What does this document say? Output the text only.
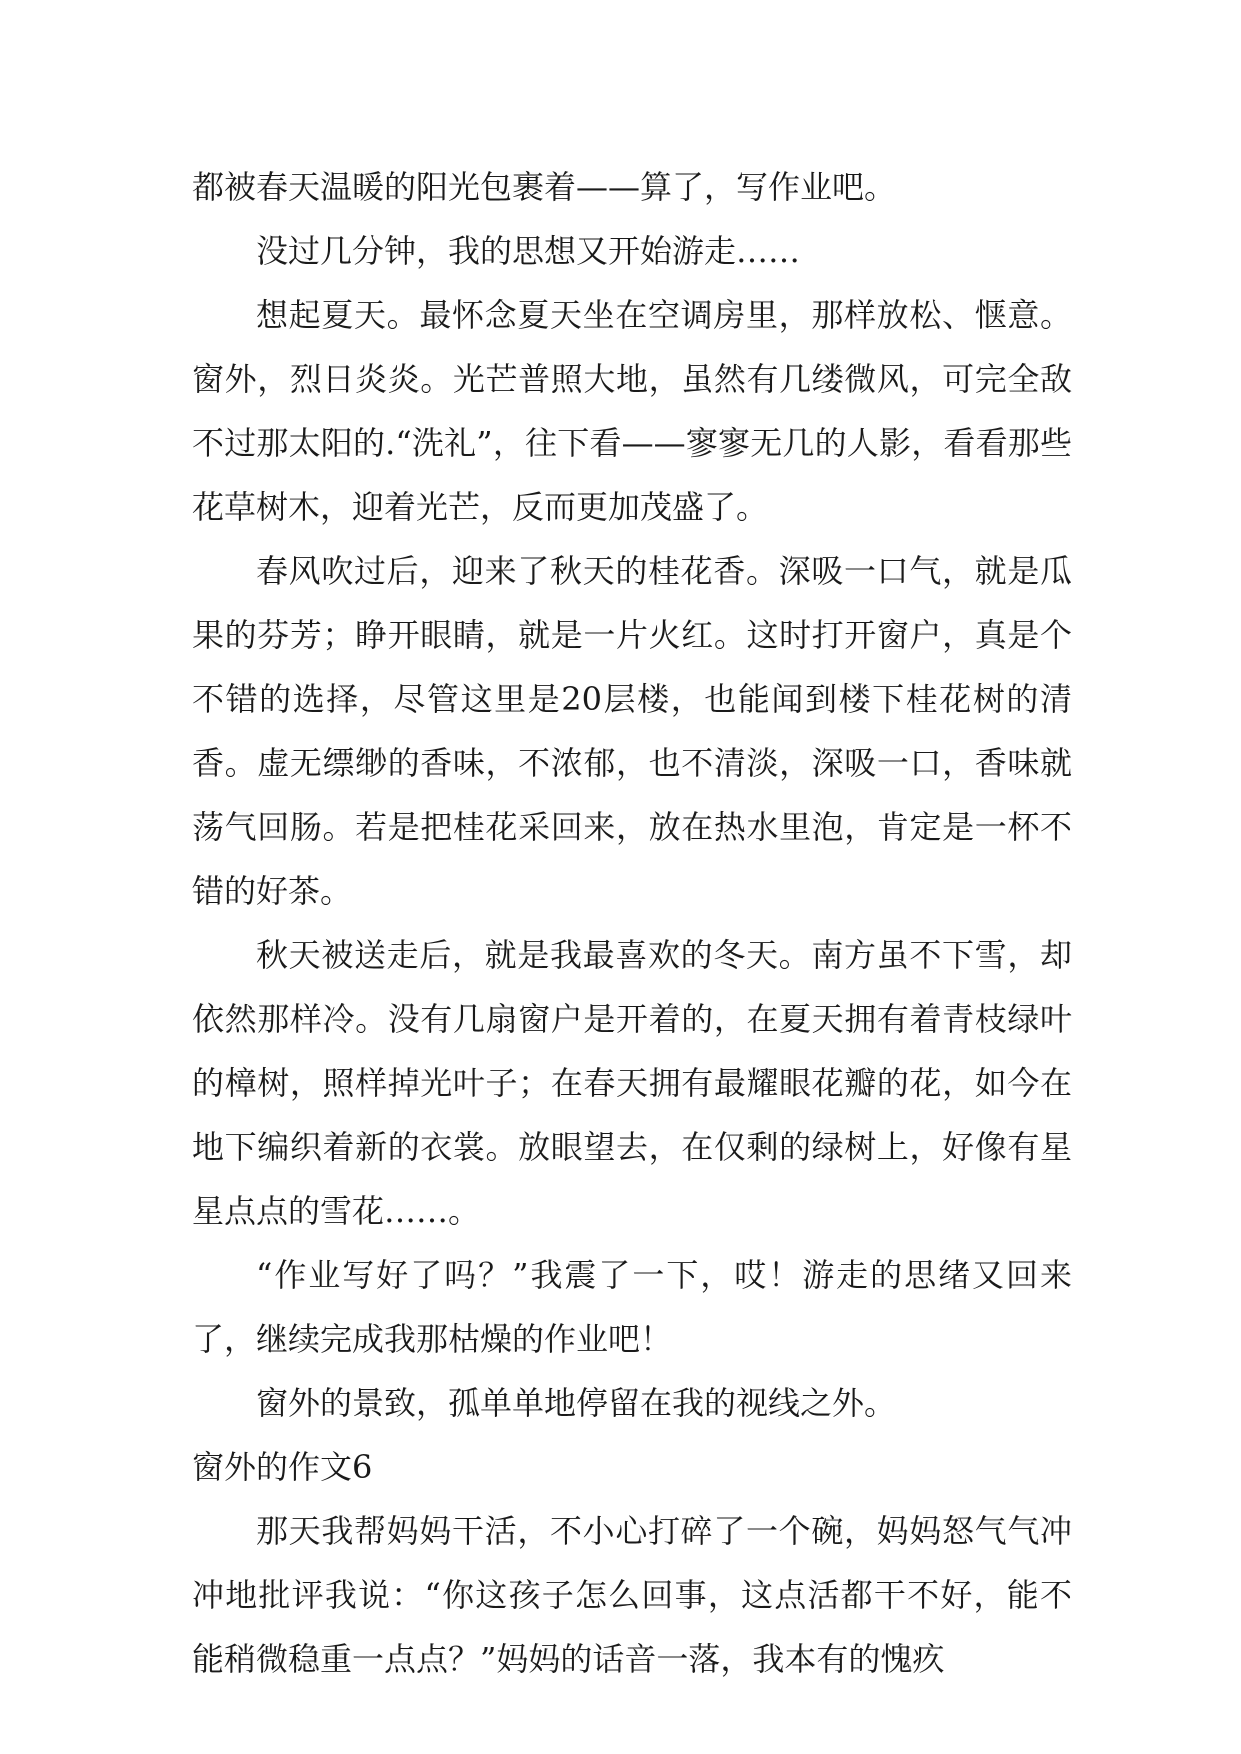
都被春天温暖的阳光包裹着——算了，写作业吧。

没过几分钟，我的思想又开始游走……

想起夏天。最怀念夏天坐在空调房里，那样放松、惬意。窗外，烈日炎炎。光芒普照大地，虽然有几缕微风，可完全敌不过那太阳的.“洗礼”，往下看——寥寥无几的人影，看看那些花草树木，迎着光芒，反而更加茂盛了。

春风吹过后，迎来了秋天的桂花香。深吸一口气，就是瓜果的芬芳；睁开眼睛，就是一片火红。这时打开窗户，真是个不错的选择，尽管这里是20层楼，也能闻到楼下桂花树的清香。虚无缥缈的香味，不浓郁，也不清淡，深吸一口，香味就荡气回肠。若是把桂花采回来，放在热水里泡，肯定是一杯不错的好茶。

秋天被送走后，就是我最喜欢的冬天。南方虽不下雪，却依然那样冷。没有几扇窗户是开着的，在夏天拥有着青枝绿叶的樟树，照样掉光叶子；在春天拥有最耀眼花瓣的花，如今在地下编织着新的衣裳。放眼望去，在仅剩的绿树上，好像有星星点点的雪花……。

“作业写好了吗？”我震了一下，哎！游走的思绪又回来了，继续完成我那枯燥的作业吧！

窗外的景致，孤单单地停留在我的视线之外。

窗外的作文6

那天我帮妈妈干活，不小心打碎了一个碗，妈妈怒气气冲冲地批评我说：“你这孩子怎么回事，这点活都干不好，能不能稍微稳重一点点？”妈妈的话音一落，我本有的愧疚
